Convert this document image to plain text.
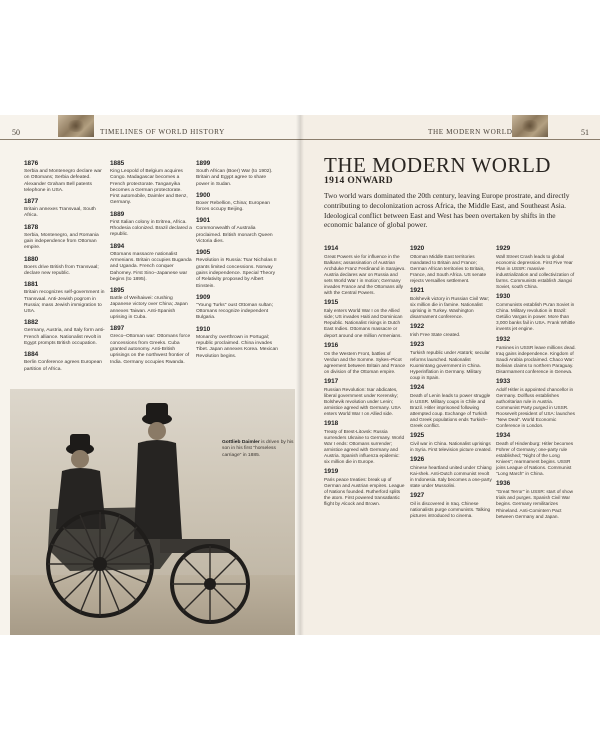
50	TIMELINES OF WORLD HISTORY
1876
Serbia and Montenegro declare war on Ottomans; Serbia defeated. Alexander Graham Bell patents telephone in USA.
1877
Britain annexes Transvaal, South Africa.
1878
Serbia, Montenegro, and Romania gain independence from Ottoman empire.
1880
Boers drive British from Transvaal; declare new republic.
1881
Britain recognizes self-government in Transvaal. Anti-Jewish pogrom in Russia; mass Jewish immigration to USA.
1882
Germany, Austria, and Italy form anti-French alliance. Nationalist revolt in Egypt prompts British occupation.
1884
Berlin Conference agrees European partition of Africa.
1885
King Leopold of Belgium acquires Congo. Madagascar becomes a French protectorate. Tanganyika becomes a German protectorate. First automobile, Daimler and Benz, Germany.
1889
First Italian colony in Eritrea, Africa. Rhodesia colonized. Brazil declared a republic.
1894
Ottomans massacre nationalist Armenians. Britain occupies Buganda and Uganda. French conquer Dahomey. First Sino–Japanese war begins (to 1895).
1895
Battle of Weihaiwei: crushing Japanese victory over China; Japan annexes Taiwan. Anti-Spanish uprising in Cuba.
1897
Greco–Ottoman war: Ottomans force concessions from Greeks. Cuba granted autonomy. Anti-British uprisings on the northwest frontier of India. Germany occupies Rwanda.
1899
South African (Boer) War (to 1902). Britain and Egypt agree to share power in Sudan.
1900
Boxer Rebellion, China; European forces occupy Beijing.
1901
Commonwealth of Australia proclaimed. British monarch Queen Victoria dies.
1905
Revolution in Russia: Tsar Nicholas II grants limited concessions. Norway gains independence. Special Theory of Relativity proposed by Albert Einstein.
1909
"Young Turks" oust Ottoman sultan; Ottomans recognize independent Bulgaria.
1910
Monarchy overthrown in Portugal; republic proclaimed. China invades Tibet. Japan annexes Korea. Mexican Revolution begins.
Gottlieb Daimler is driven by his son in his first "horseless carriage" in 1885.
THE MODERN WORLD	51
THE MODERN WORLD
1914 ONWARD
Two world wars dominated the 20th century, leaving Europe prostrate, and directly contributing to decolonization across Africa, the Middle East, and Southeast Asia. Ideological conflict between East and West has been overtaken by shifts in the economic balance of global power.
1914
Great Powers vie for influence in the Balkans; assassination of Austrian Archduke Franz Ferdinand in Sarajevo. Austria declares war on Russia and sets World War I in motion; Germany invades France and the Ottomans ally with the Central Powers.
1915
Italy enters World War I on the Allied side; US invades Haiti and Dominican Republic. Nationalist risings in Dutch East Indies. Ottomans massacre or deport around one million Armenians.
1916
On the Western Front, battles of Verdun and the Somme. Sykes–Picot agreement between Britain and France on division of the Ottoman empire.
1917
Russian Revolution: tsar abdicates, liberal government under Kerensky; Bolshevik revolution under Lenin; armistice agreed with Germany. USA enters World War I on Allied side.
1918
Treaty of Brest-Litovsk: Russia surrenders Ukraine to Germany. World War I ends: Ottomans surrender; armistice agreed with Germany and Austria. Spanish influenza epidemic: six million die in Europe.
1919
Paris peace treaties: break up of German and Austrian empires. League of Nations founded. Rutherford splits the atom. First powered transatlantic flight by Alcock and Brown.
1920
Ottoman Middle East territories mandated to Britain and France; German African territories to Britain, France, and South Africa. US senate rejects Versailles settlement.
1921
Bolshevik victory in Russian Civil War; six million die in famine. Nationalist uprising in Turkey. Washington disarmament conference.
1922
Irish Free State created.
1923
Turkish republic under Atatürk; secular reforms launched. Nationalist Kuomintang government in China. Hyperinflation in Germany. Military coup in Spain.
1924
Death of Lenin leads to power struggle in USSR. Military coups in Chile and Brazil. Hitler imprisoned following attempted coup. Exchange of Turkish and Greek populations ends Turkish–Greek conflict.
1925
Civil war in China. Nationalist uprisings in Syria. First television picture created.
1926
Chinese heartland united under Chiang Kai-shek. Anti-Dutch communist revolt in Indonesia. Italy becomes a one-party state under Mussolini.
1927
Oil is discovered in Iraq. Chinese nationalists purge communists. Talking pictures introduced to cinema.
1929
Wall Street Crash leads to global economic depression. First Five Year Plan in USSR: massive industrialization and collectivization of farms. Communists establish Jiangxi Soviet, south China.
1930
Communists establish Pu'an Soviet in China. Military revolution in Brazil: Getúlio Vargas in power. More than 3,000 banks fail in USA. Frank Whittle invents jet engine.
1932
Famines in USSR leave millions dead. Iraq gains independence. Kingdom of Saudi Arabia proclaimed. Chaco War: Bolivian claims to northern Paraguay. Disarmament conference in Geneva.
1933
Adolf Hitler is appointed chancellor in Germany. Dollfuss establishes authoritarian rule in Austria. Communist Party purged in USSR. Roosevelt president of USA: launches "New Deal". World Economic Conference in London.
1934
Death of Hindenburg: Hitler becomes Führer of Germany; one-party rule established; "Night of the Long Knives"; rearmament begins. USSR joins League of Nations. Communist "Long March" in China.
1936
"Great Terror" in USSR: start of show trials and purges. Spanish Civil War begins. Germany remilitarizes Rhineland. Anti-Comintern Pact between Germany and Japan.
